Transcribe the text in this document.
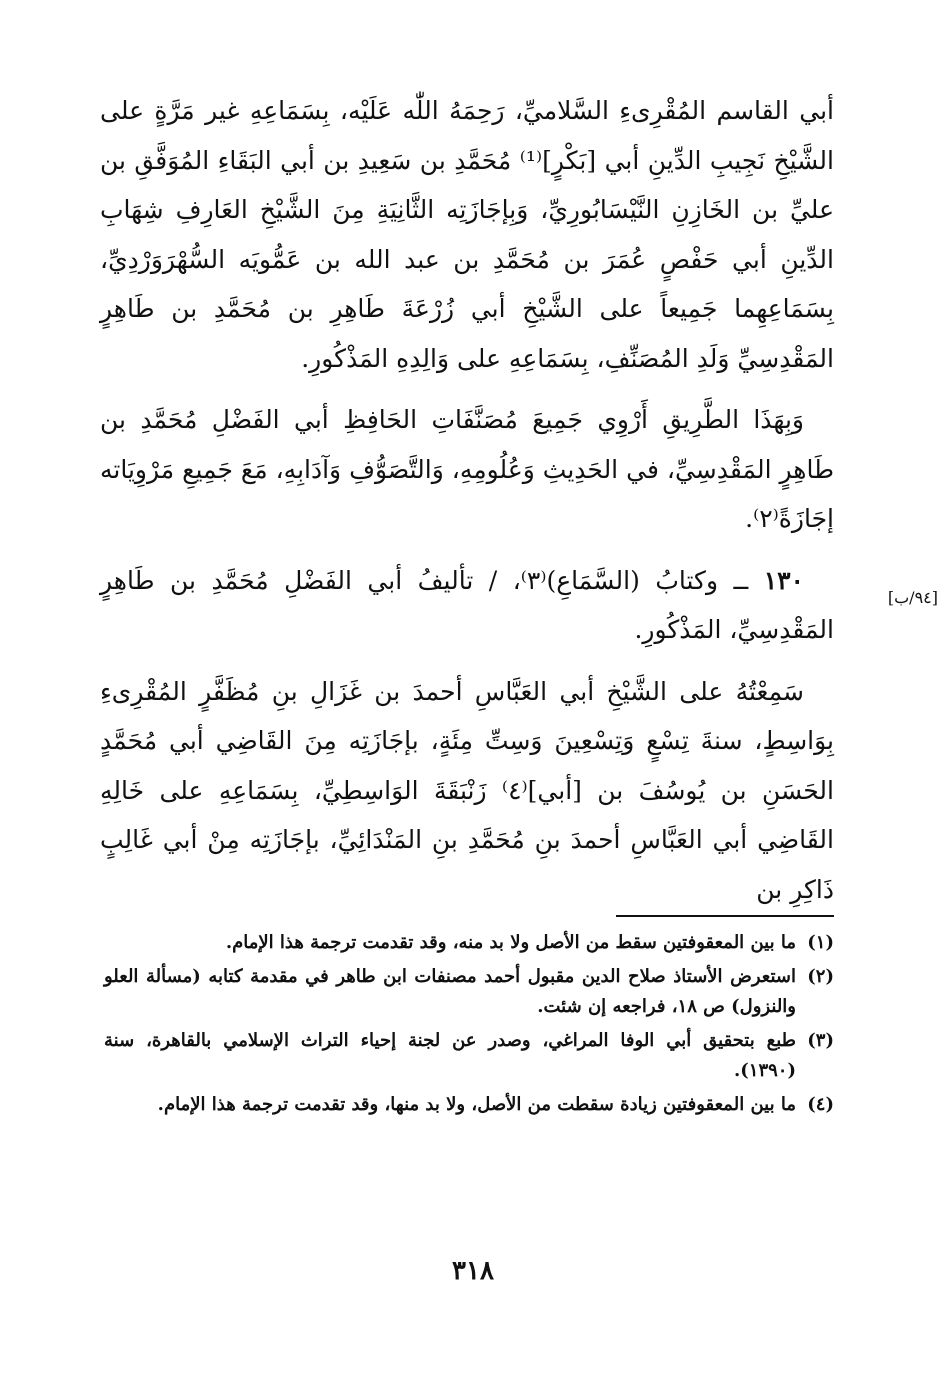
أبي القاسم المُقْرِىءِ السَّلاميِّ، رَحِمَهُ اللّٰه عَلَيْه، بِسَمَاعِهِ غير مَرَّةٍ على الشَّيْخِ نَجِيبِ الدِّينِ أبي [بَكْرٍ]⁽¹⁾ مُحَمَّدِ بن سَعِيدِ بن أبي البَقَاءِ المُوَفَّقِ بن عليِّ بن الخَازِنِ النَّيْسَابُورِيِّ، وَبِإجَازَتِه الثَّانِيَةِ مِنَ الشَّيْخِ العَارِفِ شِهَابِ الدِّينِ أبي حَفْصٍ عُمَرَ بن مُحَمَّدِ بن عبد الله بن عَمُّويَه السُّهْرَوَرْدِيِّ، بِسَمَاعِهِما جَمِيعاً على الشَّيْخِ أبي زُرْعَةَ طَاهِرِ بن مُحَمَّدِ بن طَاهِرٍ المَقْدِسِيِّ وَلَدِ المُصَنِّفِ، بِسَمَاعِهِ على وَالِدِهِ المَذْكُورِ.

وَبِهَذَا الطَّرِيقِ أَرْوِي جَمِيعَ مُصَنَّفَاتِ الحَافِظِ أبي الفَضْلِ مُحَمَّدِ بن طَاهِرٍ المَقْدِسِيِّ، في الحَدِيثِ وَعُلُومِهِ، وَالتَّصَوُّفِ وَآدَابِهِ، مَعَ جَمِيعِ مَرْوِيَاته إجَازَةً⁽٢⁾.

١٣٠ ــ وكتابُ (السَّمَاعِ)⁽٣⁾، / تأليفُ أبي الفَضْلِ مُحَمَّدِ بن طَاهِرٍ المَقْدِسِيِّ، المَذْكُورِ.

سَمِعْتُهُ على الشَّيْخِ أبي العَبَّاسِ أحمدَ بن غَزَالِ بنِ مُظَفَّرٍ المُقْرِىءِ بِوَاسِطٍ، سنةَ تِسْعٍ وَتِسْعِينَ وَسِتِّ مِئَةٍ، بإجَازَتِه مِنَ القَاضِي أبي مُحَمَّدٍ الحَسَنِ بن يُوسُفَ بن [أبي]⁽٤⁾ زَنْبَقَةَ الوَاسِطِيِّ، بِسَمَاعِهِ على خَالِهِ القَاضِي أبي العَبَّاسِ أحمدَ بنِ مُحَمَّدِ بنِ المَنْدَائِيِّ، بإجَازَتِه مِنْ أبي غَالِبٍ ذَاكِرِ بن

[٩٤/ب]

(١)ما بين المعقوفتين سقط من الأصل ولا بد منه، وقد تقدمت ترجمة هذا الإمام.

(٢)استعرض الأستاذ صلاح الدين مقبول أحمد مصنفات ابن طاهر في مقدمة كتابه (مسألة العلو والنزول) ص ١٨، فراجعه إن شئت.

(٣)طبع بتحقيق أبي الوفا المراغي، وصدر عن لجنة إحياء التراث الإسلامي بالقاهرة، سنة (١٣٩٠).

(٤)ما بين المعقوفتين زيادة سقطت من الأصل، ولا بد منها، وقد تقدمت ترجمة هذا الإمام.

٣١٨
